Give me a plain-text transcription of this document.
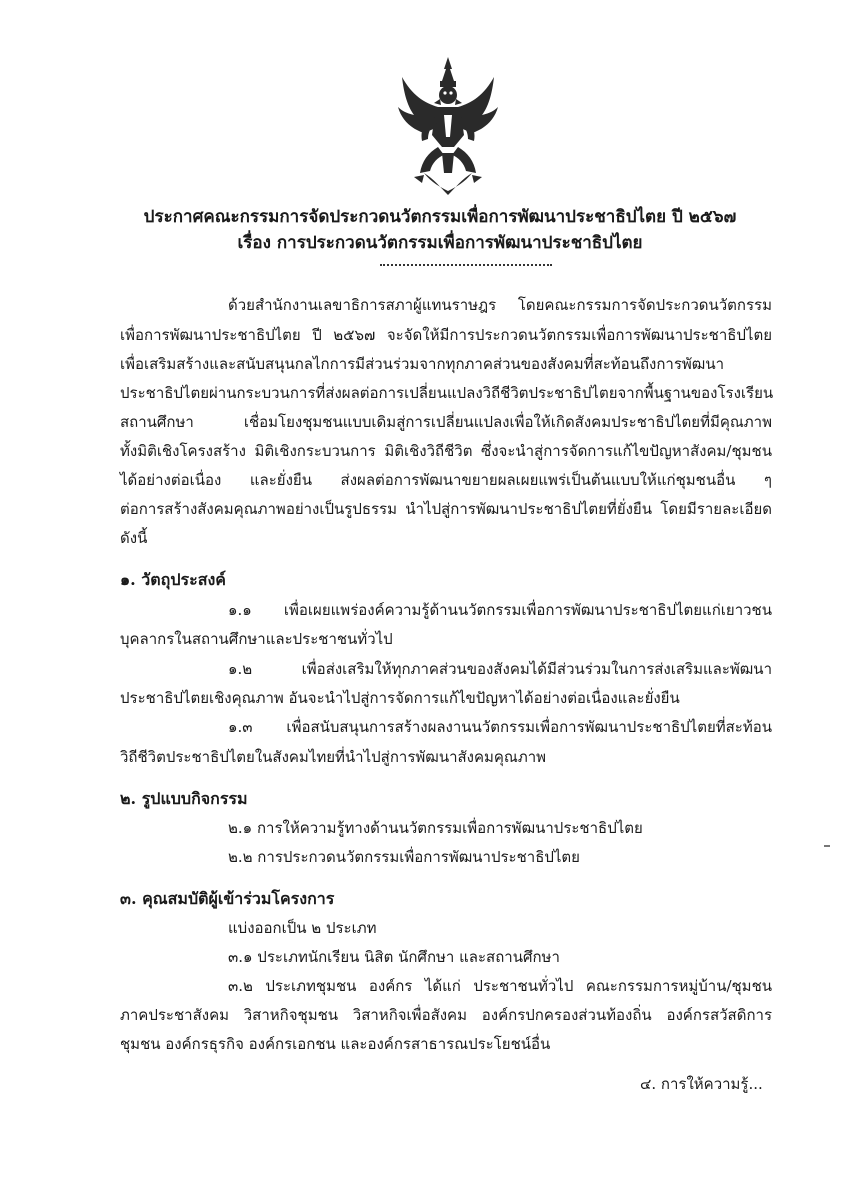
ประกาศคณะกรรมการจัดประกวดนวัตกรรมเพื่อการพัฒนาประชาธิปไตย ปี ๒๕๖๗
เรื่อง การประกวดนวัตกรรมเพื่อการพัฒนาประชาธิปไตย
ด้วยสำนักงานเลขาธิการสภาผู้แทนราษฎร โดยคณะกรรมการจัดประกวดนวัตกรรม
เพื่อการพัฒนาประชาธิปไตย ปี ๒๕๖๗ จะจัดให้มีการประกวดนวัตกรรมเพื่อการพัฒนาประชาธิปไตย
เพื่อเสริมสร้างและสนับสนุนกลไกการมีส่วนร่วมจากทุกภาคส่วนของสังคมที่สะท้อนถึงการพัฒนา
ประชาธิปไตยผ่านกระบวนการที่ส่งผลต่อการเปลี่ยนแปลงวิถีชีวิตประชาธิปไตยจากพื้นฐานของโรงเรียน
สถานศึกษา เชื่อมโยงชุมชนแบบเดิมสู่การเปลี่ยนแปลงเพื่อให้เกิดสังคมประชาธิปไตยที่มีคุณภาพ
ทั้งมิติเชิงโครงสร้าง มิติเชิงกระบวนการ มิติเชิงวิถีชีวิต ซึ่งจะนำสู่การจัดการแก้ไขปัญหาสังคม/ชุมชน
ได้อย่างต่อเนื่อง และยั่งยืน ส่งผลต่อการพัฒนาขยายผลเผยแพร่เป็นต้นแบบให้แก่ชุมชนอื่น ๆ
ต่อการสร้างสังคมคุณภาพอย่างเป็นรูปธรรม นำไปสู่การพัฒนาประชาธิปไตยที่ยั่งยืน โดยมีรายละเอียด
ดังนี้
๑. วัตถุประสงค์
๑.๑ เพื่อเผยแพร่องค์ความรู้ด้านนวัตกรรมเพื่อการพัฒนาประชาธิปไตยแก่เยาวชน
บุคลากรในสถานศึกษาและประชาชนทั่วไป
๑.๒ เพื่อส่งเสริมให้ทุกภาคส่วนของสังคมได้มีส่วนร่วมในการส่งเสริมและพัฒนา
ประชาธิปไตยเชิงคุณภาพ อันจะนำไปสู่การจัดการแก้ไขปัญหาได้อย่างต่อเนื่องและยั่งยืน
๑.๓ เพื่อสนับสนุนการสร้างผลงานนวัตกรรมเพื่อการพัฒนาประชาธิปไตยที่สะท้อน
วิถีชีวิตประชาธิปไตยในสังคมไทยที่นำไปสู่การพัฒนาสังคมคุณภาพ
๒. รูปแบบกิจกรรม
๒.๑ การให้ความรู้ทางด้านนวัตกรรมเพื่อการพัฒนาประชาธิปไตย
๒.๒ การประกวดนวัตกรรมเพื่อการพัฒนาประชาธิปไตย
๓. คุณสมบัติผู้เข้าร่วมโครงการ
แบ่งออกเป็น ๒ ประเภท
๓.๑ ประเภทนักเรียน นิสิต นักศึกษา และสถานศึกษา
๓.๒ ประเภทชุมชน องค์กร ได้แก่ ประชาชนทั่วไป คณะกรรมการหมู่บ้าน/ชุมชน
ภาคประชาสังคม วิสาหกิจชุมชน วิสาหกิจเพื่อสังคม องค์กรปกครองส่วนท้องถิ่น องค์กรสวัสดิการ
ชุมชน องค์กรธุรกิจ องค์กรเอกชน และองค์กรสาธารณประโยชน์อื่น
๔. การให้ความรู้...
